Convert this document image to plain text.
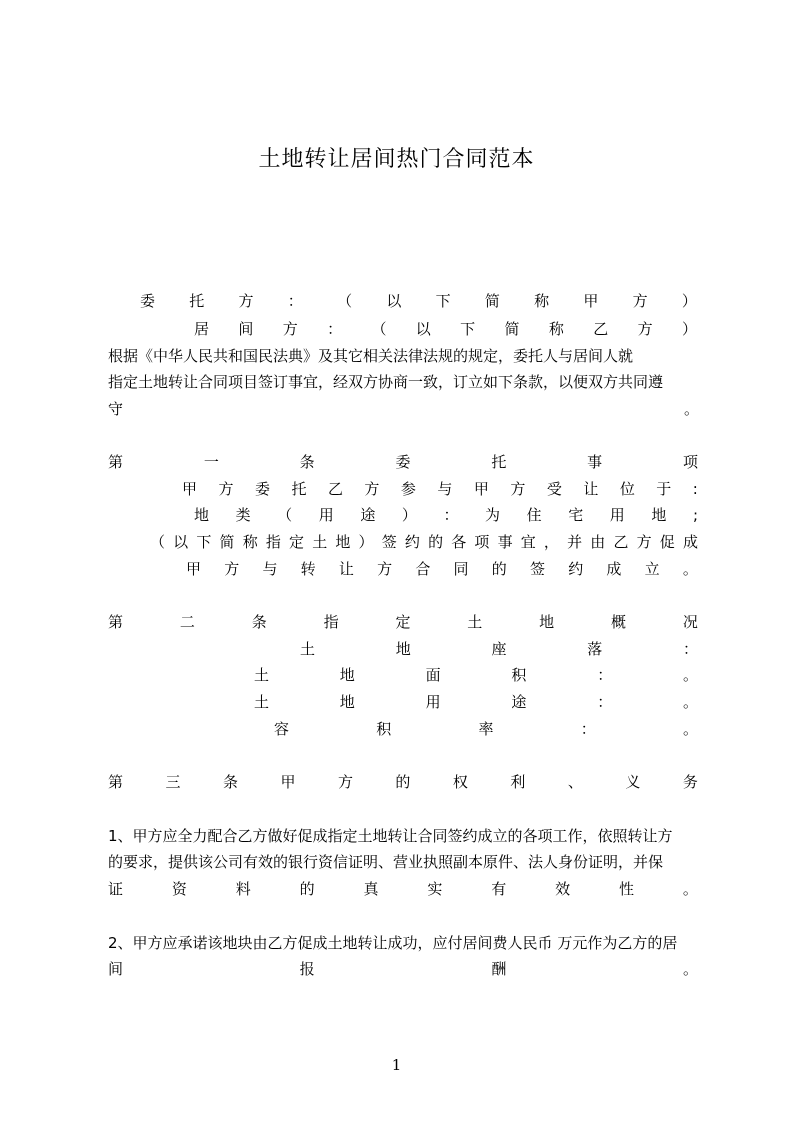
土地转让居间热门合同范本
委 托 方 ： （ 以 下 简 称 甲 方 ）
居 间 方 ： （ 以 下 简 称 乙 方 ）
根据《中华人民共和国民法典》及其它相关法律法规的规定，委托人与居间人就
指定土地转让合同项目签订事宜，经双方协商一致，订立如下条款，以便双方共同遵
守	。
第	一	条	委	托	事	项
甲 方 委 托 乙 方 参 与 甲 方 受 让 位 于 :
地 类 （ 用 途 ） ： 为 住 宅 用 地 ;
（ 以 下 简 称 指 定 土 地 ） 签 约 的 各 项 事 宜 ， 并 由 乙 方 促 成
甲 方 与 转 让 方 合 同 的 签 约 成 立 。
第	二	条	指	定	土	地	概	况
土	地	座	落	：
土	地	面	积	：	。
土	地	用	途	：	。
容	积	率	：	。
第	三	条	甲	方	的	权	利	、	义	务
1、甲方应全力配合乙方做好促成指定土地转让合同签约成立的各项工作，依照转让方
的要求，提供该公司有效的银行资信证明、营业执照副本原件、法人身份证明，并保
证	资	料	的	真	实	有	效	性	。
2、甲方应承诺该地块由乙方促成土地转让成功，应付居间费人民币 万元作为乙方的居
间	报	酬	。
1
